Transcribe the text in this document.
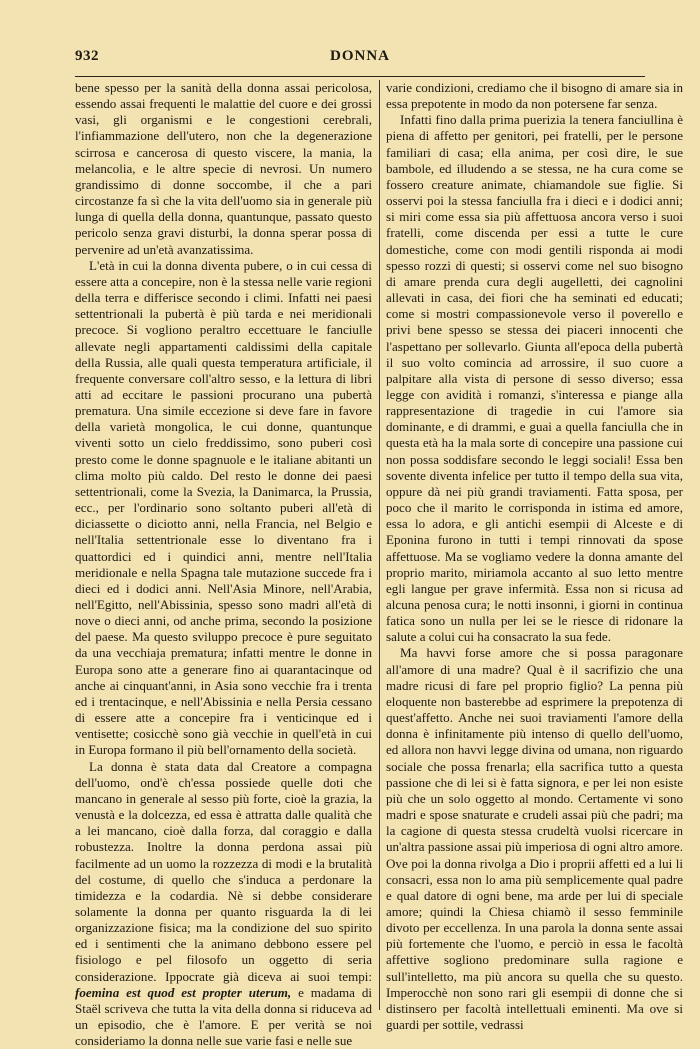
932	DONNA

bene spesso per la sanità della donna assai pericolosa, essendo assai frequenti le malattie del cuore e dei grossi vasi, gli organismi e le congestioni cerebrali, l'infiammazione dell'utero, non che la degenerazione scirrosa e cancerosa di questo viscere, la mania, la melancolia, e le altre specie di nevrosi. Un numero grandissimo di donne soccombe, il che a pari circostanze fa sì che la vita dell'uomo sia in generale più lunga di quella della donna, quantunque, passato questo pericolo senza gravi disturbi, la donna sperar possa di pervenire ad un'età avanzatissima.

L'età in cui la donna diventa pubere, o in cui cessa di essere atta a concepire, non è la stessa nelle varie regioni della terra e differisce secondo i climi. Infatti nei paesi settentrionali la pubertà è più tarda e nei meridionali precoce. Si vogliono peraltro eccettuare le fanciulle allevate negli appartamenti caldissimi della capitale della Russia, alle quali questa temperatura artificiale, il frequente conversare coll'altro sesso, e la lettura di libri atti ad eccitare le passioni procurano una pubertà prematura. Una simile eccezione si deve fare in favore della varietà mongolica, le cui donne, quantunque viventi sotto un cielo freddissimo, sono puberi così presto come le donne spagnuole e le italiane abitanti un clima molto più caldo. Del resto le donne dei paesi settentrionali, come la Svezia, la Danimarca, la Prussia, ecc., per l'ordinario sono soltanto puberi all'età di diciassette o diciotto anni, nella Francia, nel Belgio e nell'Italia settentrionale esse lo diventano fra i quattordici ed i quindici anni, mentre nell'Italia meridionale e nella Spagna tale mutazione succede fra i dieci ed i dodici anni. Nell'Asia Minore, nell'Arabia, nell'Egitto, nell'Abissinia, spesso sono madri all'età di nove o dieci anni, od anche prima, secondo la posizione del paese. Ma questo sviluppo precoce è pure seguitato da una vecchiaja prematura; infatti mentre le donne in Europa sono atte a generare fino ai quarantacinque od anche ai cinquant'anni, in Asia sono vecchie fra i trenta ed i trentacinque, e nell'Abissinia e nella Persia cessano di essere atte a concepire fra i venticinque ed i ventisette; cosicchè sono già vecchie in quell'età in cui in Europa formano il più bell'ornamento della società.

La donna è stata data dal Creatore a compagna dell'uomo, ond'è ch'essa possiede quelle doti che mancano in generale al sesso più forte, cioè la grazia, la venustà e la dolcezza, ed essa è attratta dalle qualità che a lei mancano, cioè dalla forza, dal coraggio e dalla robustezza. Inoltre la donna perdona assai più facilmente ad un uomo la rozzezza di modi e la brutalità del costume, di quello che s'induca a perdonare la timidezza e la codardia. Nè si debbe considerare solamente la donna per quanto risguarda la di lei organizzazione fisica; ma la condizione del suo spirito ed i sentimenti che la animano debbono essere pel fisiologo e pel filosofo un oggetto di seria considerazione. Ippocrate già diceva ai suoi tempi: foemina est quod est propter uterum, e madama di Staël scriveva che tutta la vita della donna si riduceva ad un episodio, che è l'amore. E per verità se noi consideriamo la donna nelle sue varie fasi e nelle sue

varie condizioni, crediamo che il bisogno di amare sia in essa prepotente in modo da non potersene far senza.

Infatti fino dalla prima puerizia la tenera fanciullina è piena di affetto per genitori, pei fratelli, per le persone familiari di casa; ella anima, per così dire, le sue bambole, ed illudendo a se stessa, ne ha cura come se fossero creature animate, chiamandole sue figlie. Si osservi poi la stessa fanciulla fra i dieci e i dodici anni; si miri come essa sia più affettuosa ancora verso i suoi fratelli, come discenda per essi a tutte le cure domestiche, come con modi gentili risponda ai modi spesso rozzi di questi; si osservi come nel suo bisogno di amare prenda cura degli augelletti, dei cagnolini allevati in casa, dei fiori che ha seminati ed educati; come si mostri compassionevole verso il poverello e privi bene spesso se stessa dei piaceri innocenti che l'aspettano per sollevarlo. Giunta all'epoca della pubertà il suo volto comincia ad arrossire, il suo cuore a palpitare alla vista di persone di sesso diverso; essa legge con avidità i romanzi, s'interessa e piange alla rappresentazione di tragedie in cui l'amore sia dominante, e di drammi, e guai a quella fanciulla che in questa età ha la mala sorte di concepire una passione cui non possa soddisfare secondo le leggi sociali! Essa ben sovente diventa infelice per tutto il tempo della sua vita, oppure dà nei più grandi traviamenti. Fatta sposa, per poco che il marito le corrisponda in istima ed amore, essa lo adora, e gli antichi esempii di Alceste e di Eponina furono in tutti i tempi rinnovati da spose affettuose. Ma se vogliamo vedere la donna amante del proprio marito, miriamola accanto al suo letto mentre egli langue per grave infermità. Essa non si ricusa ad alcuna penosa cura; le notti insonni, i giorni in continua fatica sono un nulla per lei se le riesce di ridonare la salute a colui cui ha consacrato la sua fede.

Ma havvi forse amore che si possa paragonare all'amore di una madre? Qual è il sacrifizio che una madre ricusi di fare pel proprio figlio? La penna più eloquente non basterebbe ad esprimere la prepotenza di quest'affetto. Anche nei suoi traviamenti l'amore della donna è infinitamente più intenso di quello dell'uomo, ed allora non havvi legge divina od umana, non riguardo sociale che possa frenarla; ella sacrifica tutto a questa passione che di lei si è fatta signora, e per lei non esiste più che un solo oggetto al mondo. Certamente vi sono madri e spose snaturate e crudeli assai più che padri; ma la cagione di questa stessa crudeltà vuolsi ricercare in un'altra passione assai più imperiosa di ogni altro amore. Ove poi la donna rivolga a Dio i proprii affetti ed a lui li consacri, essa non lo ama più semplicemente qual padre e qual datore di ogni bene, ma arde per lui di speciale amore; quindi la Chiesa chiamò il sesso femminile divoto per eccellenza. In una parola la donna sente assai più fortemente che l'uomo, e perciò in essa le facoltà affettive sogliono predominare sulla ragione e sull'intelletto, ma più ancora su quella che su questo. Imperocchè non sono rari gli esempii di donne che si distinsero per facoltà intellettuali eminenti. Ma ove si guardi per sottile, vedrassi
